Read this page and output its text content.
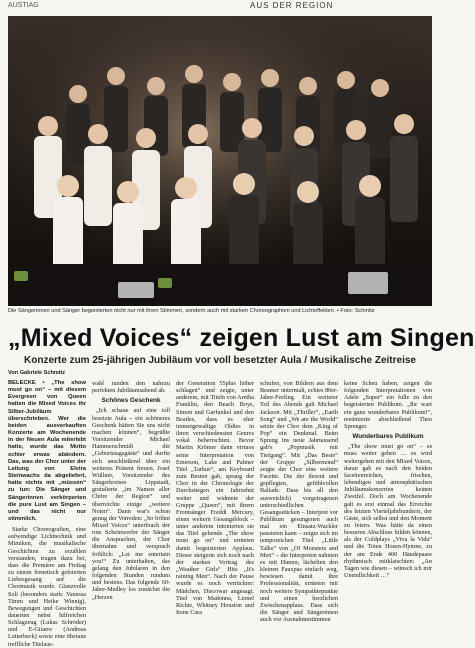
AUSTIAG	AUS DER REGION
Die Sängerinnen und Sänger begeisterten nicht nur mit ihren Stimmen, sondern auch mit starken Choreographien und Lichteffekten. • Foto: Schmitz
„Mixed Voices“ zeigen Lust am Singen
Konzerte zum 25-jährigen Jubiläum vor voll besetzter Aula / Musikalische Zeitreise
Von Gabriele Schmitz

BELECKE • „The show must go on“ – mit diesem Evergreen von Queen hatten die Mixed Voices ihr Silber-Jubiläum überschrieben. Wer die beiden ausverkauften Konzerte am Wochenende in der Neuen Aula miterlebt hatte, wurde das Motto schier erwas abändern. Das, was der Chor unter der Leitung von Elvira Steinwachs da abgeliefert, hatte nichts mit „müssen“ zu tun: Die Sänger und Sängerinnen verkörperten die pure Lust am Singen – und das nicht nur stimmlich.

Starke Choreografien, eine aufwendige Lichttechnik und Mimiken, die musikalische Geschichten zu erzählen verstanden, trugen dazu bei, dass die Premiere am Freitag zu einem frenetisch gefeierten Liebesgesang auf die Chormusik wurde. Glanzvolle Soli (besonders stark: Vanessa Timm und Heike Winnig), Bewegungen und Geschichten dauerten nebst hilfreichen Schlagzeug (Lukas Schröder) und E-Gitarre (Andreas Lutterbeck) sowie eine überaus treffliche Titelaus-

wahl runden den nahezu perfekten Jubiläumsabend ab.

Schönes Geschenk

„Ich schaue auf eine toll besetzte Aula – ein schöneres Geschenk hätten Sie uns nicht machen können“, begrüßte Vorsitzender Michael Hammerschmidt die „Geburtstagsgäste“ und durfte sich anschließend über ein weiteres Präsent freuen. Josef Wüllner, Vorsitzender des Sängerkreises Lippstadt, gratulierte „im Namen aller Chöre der Region“ und überreichte einige „weitere Noten“. Dann war's schon genug der Vorreden: „So fröhnt Mixed Voices“ unterbrach der rote Scheinwerfer der Sänger die Ansprachen, der Chor übernahm und versprach fröhlich: „Let me entertain you!“ Zu unterhalten, das gelang den Jubilaren in den folgenden Stunden rundum und bestens. Das folgende 60-Jahre-Medley los zunächst die „Herzen

der Generation 55plus höher schlagen“ und zeigte, unter anderem, mit Titeln von Aretha Franklin, den Beach Boys, Simon und Garfunkel und den Beatles, dass es eher immergewaltige Oldies in ihren verschiedensten Genres vokal beherrschten. Bevor Martin Krömer dann virtuos seine Interpretation von Emerson, Lake and Palmer Titel „Tarkus“, am Keyboard zum Besten gab, sprang der Chor in der Chronologie der Durchstiegen ein Jahrzehnt weiter und widmete der Gruppe „Queen“, mit ihrem Frontsänger Freddi Mercury, einen weitern Gesangsblock – unter anderem intonierten sie das Titel gebende „The show must go on“ und ernteten damit begeisterten Applaus. Dieser steigerte sich noch nach der starken Vortrag des „Weather Girls“ Hits „It's raining Men“. Nach der Pause wurde es noch verrückter: Mädchen, Discowar angesagt. Titel von Madonna, Lionel Richie, Whitney Houston und Irene Cara

schufen, von Bildern aus dem Beamer untermalt, echtes 80er-Jahre-Feeling. Ein weiterer Teil des Abends galt Michael Jackson. Mit „Thriller“, „Earth Song“ und „We are the World“ setzte der Chor dem „King of Pop“ ein Denkmal. Beim Sprung ins neue Jahrtausend gab's „Popmusik mit Tiefgang“. Mit „Das Beste“ der Gruppe „Silbermond“ zeigte der Chor eine weitere Facette. Die der dezent und gepflegten, gefühlvollen Ballade. Dass bis all den ausweislich) vorgetragenen unterschiedlichen Gesangsstücken – Interpret vor Publikum gesungenen auch mal ein Einsatz-Wackler passieren kann – zeigte sich im temporeichen Titel „Little Talks“ von „Of Monsters and Men“ – die Interpreten nahmen es mit Humor, lächelten den kleinen Fauxpas einfach weg, bewiesen damit ihre Professionalität, ernteten mit noch weitere Sympathiepunkte und einen herzlichen Zwischenapplaus. Dass sich die Sänger und Sängerinnen auch vor Ausnahmestimmen

keine Scheu haben, zeigen die folgenden Interpretationen von Adele „Super“ ein fulle zu den begeisterten Publikum. „Ihr wart ein ganz wunderbares Publikum!“, resümierte abschließend Theo Sprenger.

Wunderbares Publikum

„The show must go on“ – es muss weiter gehen … es wird weitergehen mit den Mixed Voices, daran gab es nach den beiden facettenreichen, frischen, lebendigen und atmosphärischen Jubiläumskonzerten keinen Zweifel. Doch am Wochenende galt es erst einmal das Erreichte des letzten Vierteljahrhunderts, der Gäste, sich selbst und den Moment zu feiern. Was hätte da einen besseren Abschluss bilden können, als der Coldplays „Viva la Vida“ und die Toten Hosen-Hymne, zu der am Ende 400 Händepaare rhythmisch mitklatschten: „An Tagen wie diesen – wünsch ich mir Unendlichkeit …“
